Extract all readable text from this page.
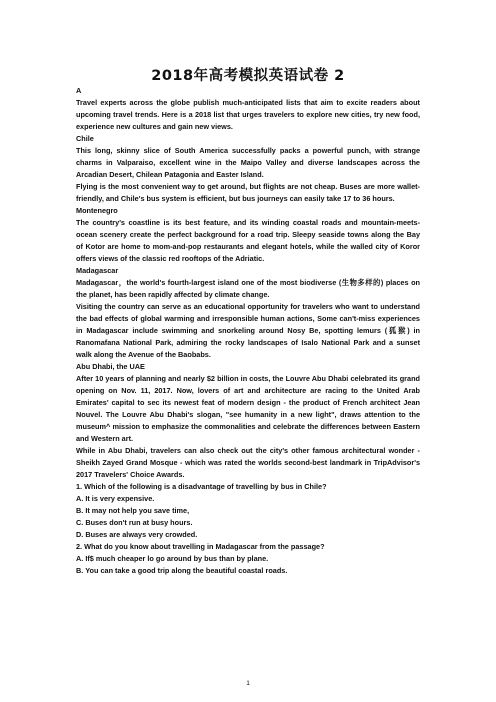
2018年高考模拟英语试卷 2

A

Travel experts across the globe publish much-anticipated lists that aim to excite readers about upcoming travel trends. Here is a 2018 list that urges travelers to explore new cities, try new food, experience new cultures and gain new views.

Chile

This long, skinny slice of South America successfully packs a powerful punch, with strange charms in Valparaiso, excellent wine in the Maipo Valley and diverse landscapes across the Arcadian Desert, Chilean Patagonia and Easter Island.

Flying is the most convenient way to get around, but flights are not cheap. Buses are more wallet-friendly, and Chile's bus system is efficient, but bus journeys can easily take 17 to 36 hours.

Montenegro

The country's coastline is its best feature, and its winding coastal roads and mountain-meets-ocean scenery create the perfect background for a road trip. Sleepy seaside towns along the Bay of Kotor are home to mom-and-pop restaurants and elegant hotels, while the walled city of Koror offers views of the classic red rooftops of the Adriatic.

Madagascar

Madagascar，the world's fourth-largest island one of the most biodiverse (生物多样的) places on the planet, has been rapidly affected by climate change.

Visiting the country can serve as an educational opportunity for travelers who want to understand the bad effects of global warming and irresponsible human actions, Some can't-miss experiences in Madagascar include swimming and snorkeling around Nosy Be, spotting lemurs (狐猴) in Ranomafana National Park, admiring the rocky landscapes of Isalo National Park and a sunset walk along the Avenue of the Baobabs.

Abu Dhabi, the UAE

After 10 years of planning and nearly $2 billion in costs, the Louvre Abu Dhabi celebrated its grand opening on Nov. 11, 2017. Now, lovers of art and architecture are racing to the United Arab Emirates' capital to sec its newest feat of modern design - the product of French architect Jean Nouvel. The Louvre Abu Dhabi's slogan, "see humanity in a new light", draws attention to the museum^ mission to emphasize the commonalities and celebrate the differences between Eastern and Western art.

While in Abu Dhabi, travelers can also check out the city's other famous architectural wonder - Sheikh Zayed Grand Mosque - which was rated the worlds second-best landmark in TripAdvisor's 2017 Travelers' Choice Awards.

1. Which of the following is a disadvantage of travelling by bus in Chile?

A. It is very expensive.

B. It may not help you save time,

C. Buses don't run at busy hours.

D. Buses are always very crowded.

2. What do you know about travelling in Madagascar from the passage?

A. If$ much cheaper lo go around by bus than by plane.

B. You can take a good trip along the beautiful coastal roads.

1
